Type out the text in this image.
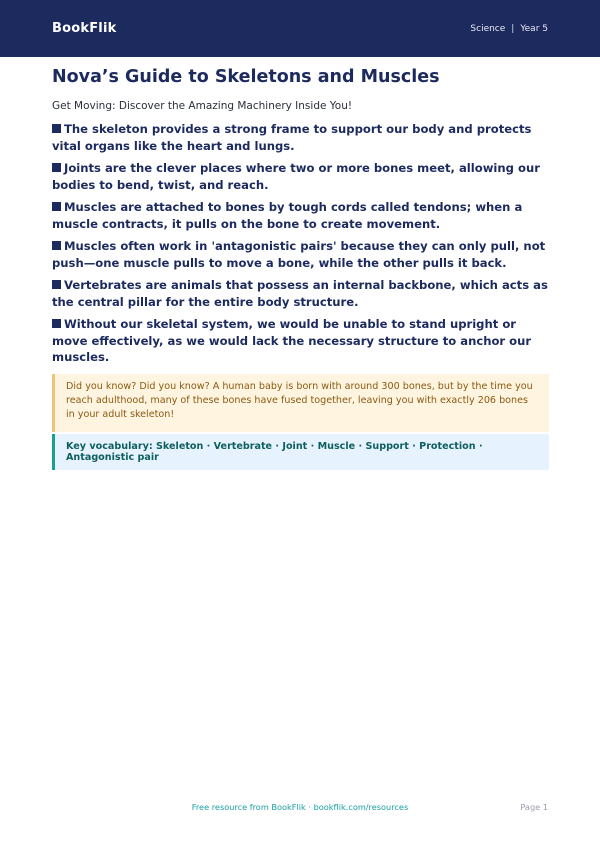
BookFlik	Science | Year 5
Nova’s Guide to Skeletons and Muscles

Get Moving: Discover the Amazing Machinery Inside You!

The skeleton provides a strong frame to support our body and protects vital organs like the heart and lungs.
Joints are the clever places where two or more bones meet, allowing our bodies to bend, twist, and reach.
Muscles are attached to bones by tough cords called tendons; when a muscle contracts, it pulls on the bone to create movement.
Muscles often work in 'antagonistic pairs' because they can only pull, not push—one muscle pulls to move a bone, while the other pulls it back.
Vertebrates are animals that possess an internal backbone, which acts as the central pillar for the entire body structure.
Without our skeletal system, we would be unable to stand upright or move effectively, as we would lack the necessary structure to anchor our muscles.
Did you know? Did you know? A human baby is born with around 300 bones, but by the time you reach adulthood, many of these bones have fused together, leaving you with exactly 206 bones in your adult skeleton!
Key vocabulary: Skeleton · Vertebrate · Joint · Muscle · Support · Protection · Antagonistic pair
Free resource from BookFlik · bookflik.com/resources	Page 1
